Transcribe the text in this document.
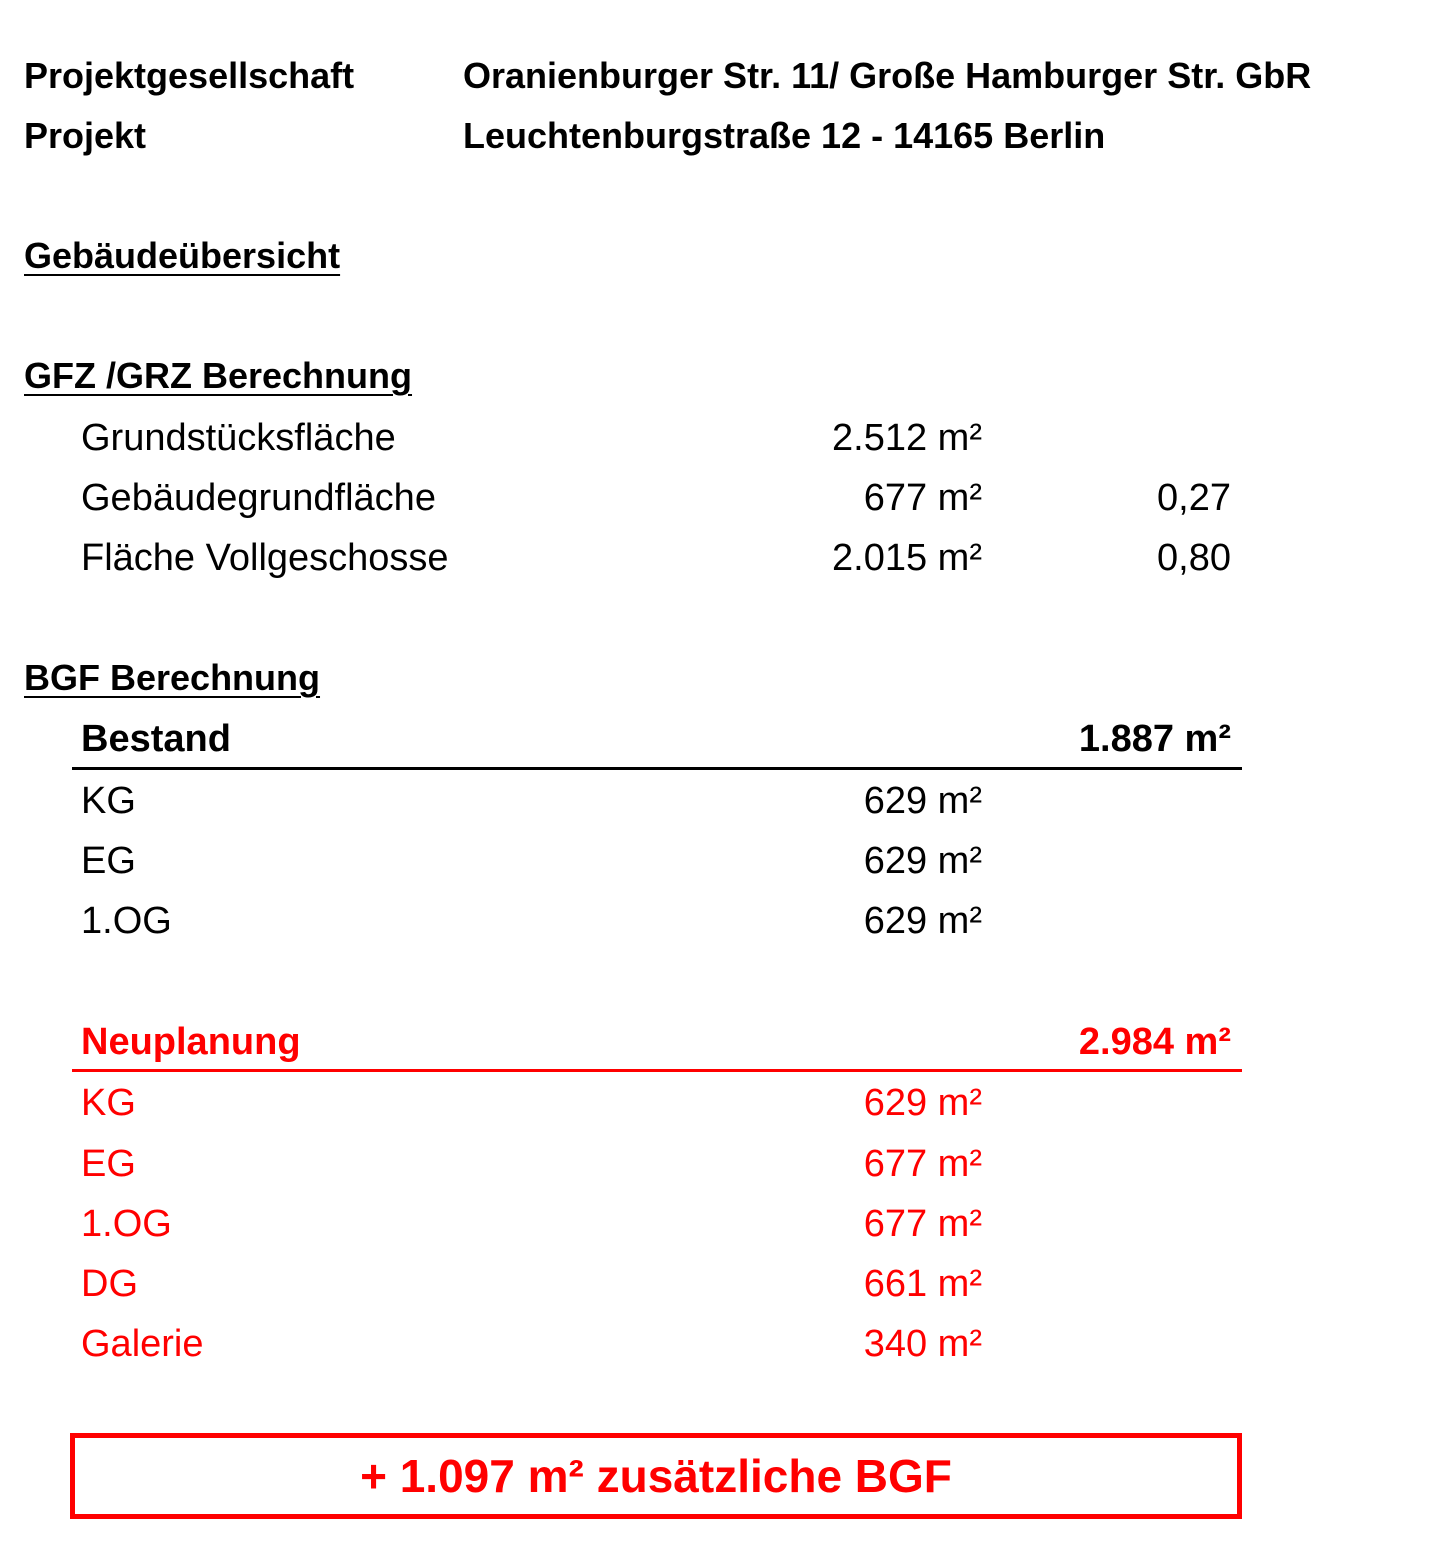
Projektgesellschaft	Oranienburger Str. 11/ Große Hamburger Str. GbR
Projekt	Leuchtenburgstraße 12 - 14165 Berlin
Gebäudeübersicht
GFZ /GRZ Berechnung
Grundstücksfläche	2.512 m²
Gebäudegrundfläche	677 m²	0,27
Fläche Vollgeschosse	2.015 m²	0,80
BGF Berechnung
Bestand	1.887 m²
KG	629 m²
EG	629 m²
1.OG	629 m²
Neuplanung	2.984 m²
KG	629 m²
EG	677 m²
1.OG	677 m²
DG	661 m²
Galerie	340 m²
+ 1.097 m² zusätzliche BGF
